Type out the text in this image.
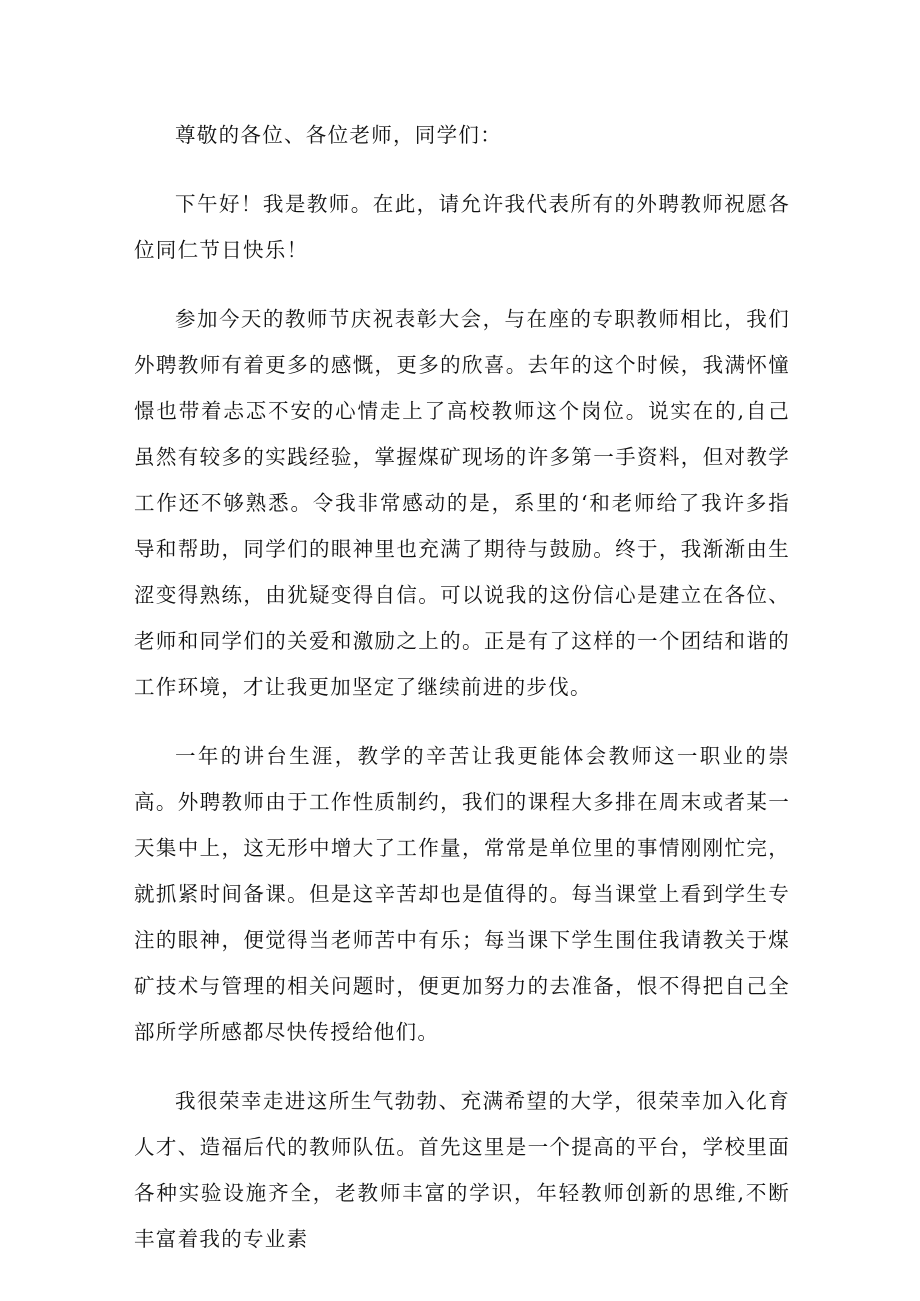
尊敬的各位、各位老师，同学们：

下午好！我是教师。在此，请允许我代表所有的外聘教师祝愿各位同仁节日快乐！

参加今天的教师节庆祝表彰大会，与在座的专职教师相比，我们外聘教师有着更多的感慨，更多的欣喜。去年的这个时候，我满怀憧憬也带着忐忑不安的心情走上了高校教师这个岗位。说实在的,自己虽然有较多的实践经验，掌握煤矿现场的许多第一手资料，但对教学工作还不够熟悉。令我非常感动的是，系里的‘和老师给了我许多指导和帮助，同学们的眼神里也充满了期待与鼓励。终于，我渐渐由生涩变得熟练，由犹疑变得自信。可以说我的这份信心是建立在各位、老师和同学们的关爱和激励之上的。正是有了这样的一个团结和谐的工作环境，才让我更加坚定了继续前进的步伐。

一年的讲台生涯，教学的辛苦让我更能体会教师这一职业的崇高。外聘教师由于工作性质制约，我们的课程大多排在周末或者某一天集中上，这无形中增大了工作量，常常是单位里的事情刚刚忙完，就抓紧时间备课。但是这辛苦却也是值得的。每当课堂上看到学生专注的眼神，便觉得当老师苦中有乐；每当课下学生围住我请教关于煤矿技术与管理的相关问题时，便更加努力的去准备，恨不得把自己全部所学所感都尽快传授给他们。

我很荣幸走进这所生气勃勃、充满希望的大学，很荣幸加入化育人才、造福后代的教师队伍。首先这里是一个提高的平台，学校里面各种实验设施齐全，老教师丰富的学识，年轻教师创新的思维,不断丰富着我的专业素
